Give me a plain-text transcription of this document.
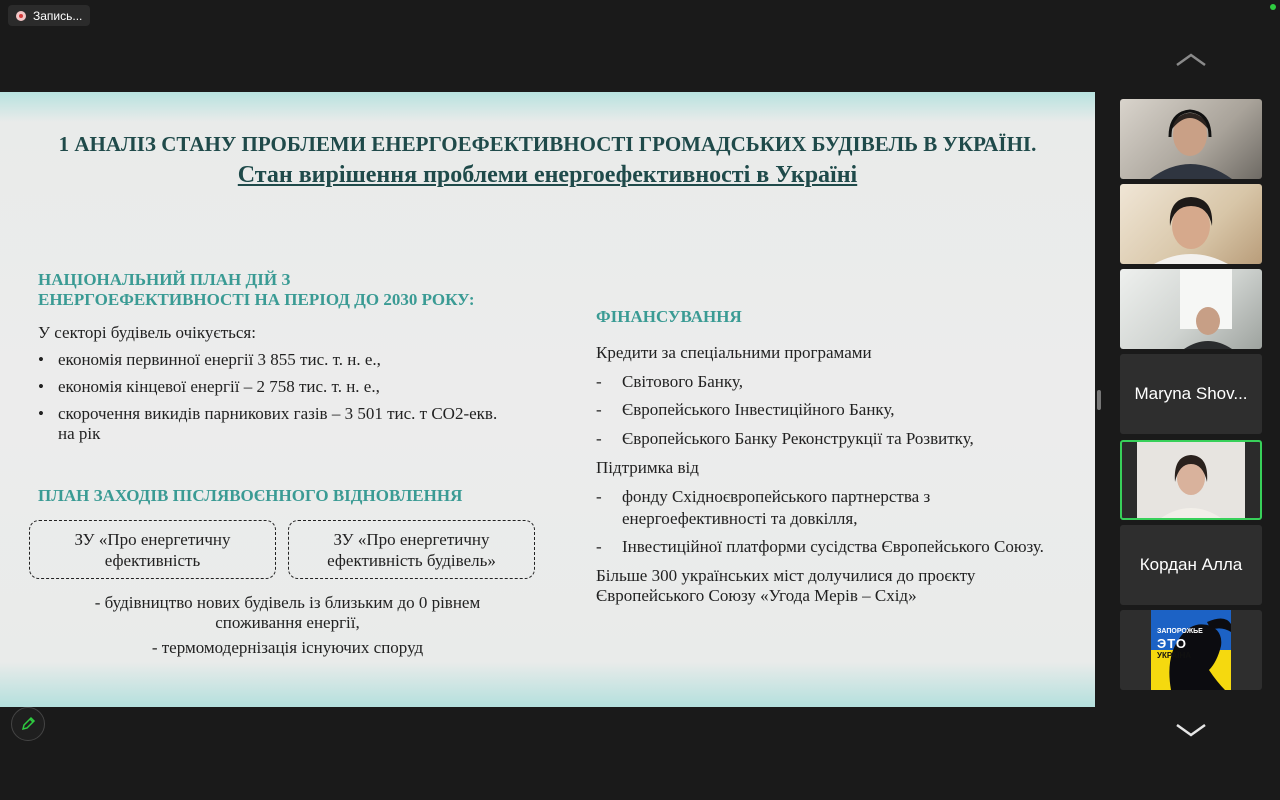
Запись...
1 АНАЛІЗ СТАНУ ПРОБЛЕМИ ЕНЕРГОЕФЕКТИВНОСТІ ГРОМАДСЬКИХ БУДІВЕЛЬ В УКРАЇНІ.
Стан вирішення проблеми енергоефективності в Україні
НАЦІОНАЛЬНИЙ ПЛАН ДІЙ З
ЕНЕРГОЕФЕКТИВНОСТІ НА ПЕРІОД ДО 2030 РОКУ:
У секторі будівель очікується:
• економія первинної енергії 3 855 тис. т. н. е.,
• економія кінцевої енергії – 2 758 тис. т. н. е.,
• скорочення викидів парникових газів – 3 501 тис. т СО2-екв.
на рік
ПЛАН ЗАХОДІВ ПІСЛЯВОЄННОГО ВІДНОВЛЕННЯ
ЗУ «Про енергетичну
ефективність
ЗУ «Про енергетичну
ефективність будівель»
- будівництво нових будівель із близьким до 0 рівнем
споживання енергії,
- термомодернізація існуючих споруд
ФІНАНСУВАННЯ
Кредити за спеціальними програмами
- Світового Банку,
- Європейського Інвестиційного Банку,
- Європейського Банку Реконструкції та Розвитку,
Підтримка від
- фонду Східноєвропейського партнерства з
енергоефективності та довкілля,
- Інвестиційної платформи сусідства Європейського Союзу.
Більше 300 українських міст долучилися до проєкту
Європейського Союзу «Угода Мерів – Схід»
Maryna Shov...
Кордан Алла
ЗАПОРОЖЬЕ
ЭТО
УКРАЇНА
